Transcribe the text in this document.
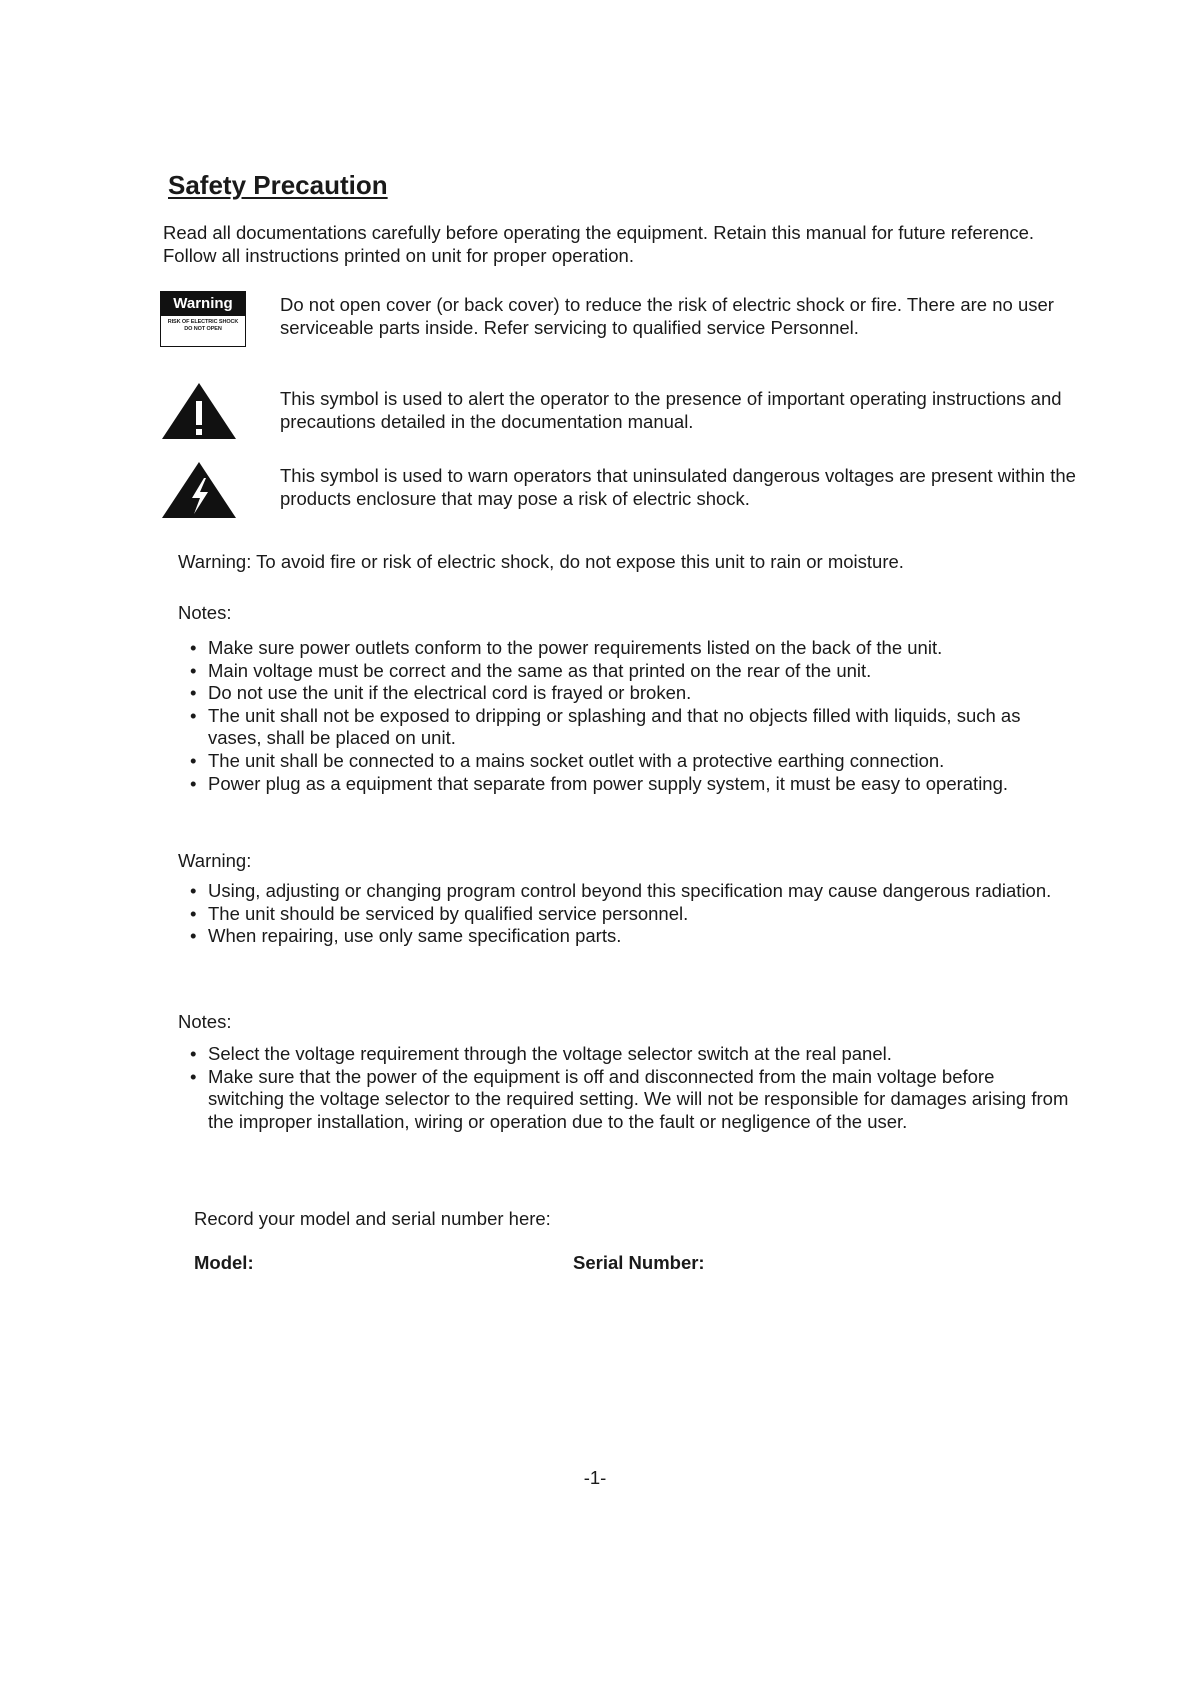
Safety Precaution

Read all documentations carefully before operating the equipment. Retain this manual for future reference. Follow all instructions printed on unit for proper operation.

Warning
RISK OF ELECTRIC SHOCK
DO NOT OPEN

Do not open cover (or back cover) to reduce the risk of electric shock or fire. There are no user serviceable parts inside. Refer servicing to qualified service Personnel.

This symbol is used to alert the operator to the presence of important operating instructions and precautions detailed in the documentation manual.

This symbol is used to warn operators that uninsulated dangerous voltages are present within the products enclosure that may pose a risk of electric shock.

Warning: To avoid fire or risk of electric shock, do not expose this unit to rain or moisture.

Notes:

• Make sure power outlets conform to the power requirements listed on the back of the unit.
• Main voltage must be correct and the same as that printed on the rear of the unit.
• Do not use the unit if the electrical cord is frayed or broken.
• The unit shall not be exposed to dripping or splashing and that no objects filled with liquids, such as vases, shall be placed on unit.
• The unit shall be connected to a mains socket outlet with a protective earthing connection.
• Power plug as a equipment that separate from power supply system, it must be easy to operating.

Warning:

• Using, adjusting or changing program control beyond this specification may cause dangerous radiation.
• The unit should be serviced by qualified service personnel.
• When repairing, use only same specification parts.

Notes:

• Select the voltage requirement through the voltage selector switch at the real panel.
• Make sure that the power of the equipment is off and disconnected from the main voltage before switching the voltage selector to the required setting. We will not be responsible for damages arising from the improper installation, wiring or operation due to the fault or negligence of the user.

Record your model and serial number here:

Model:	Serial Number:

-1-
